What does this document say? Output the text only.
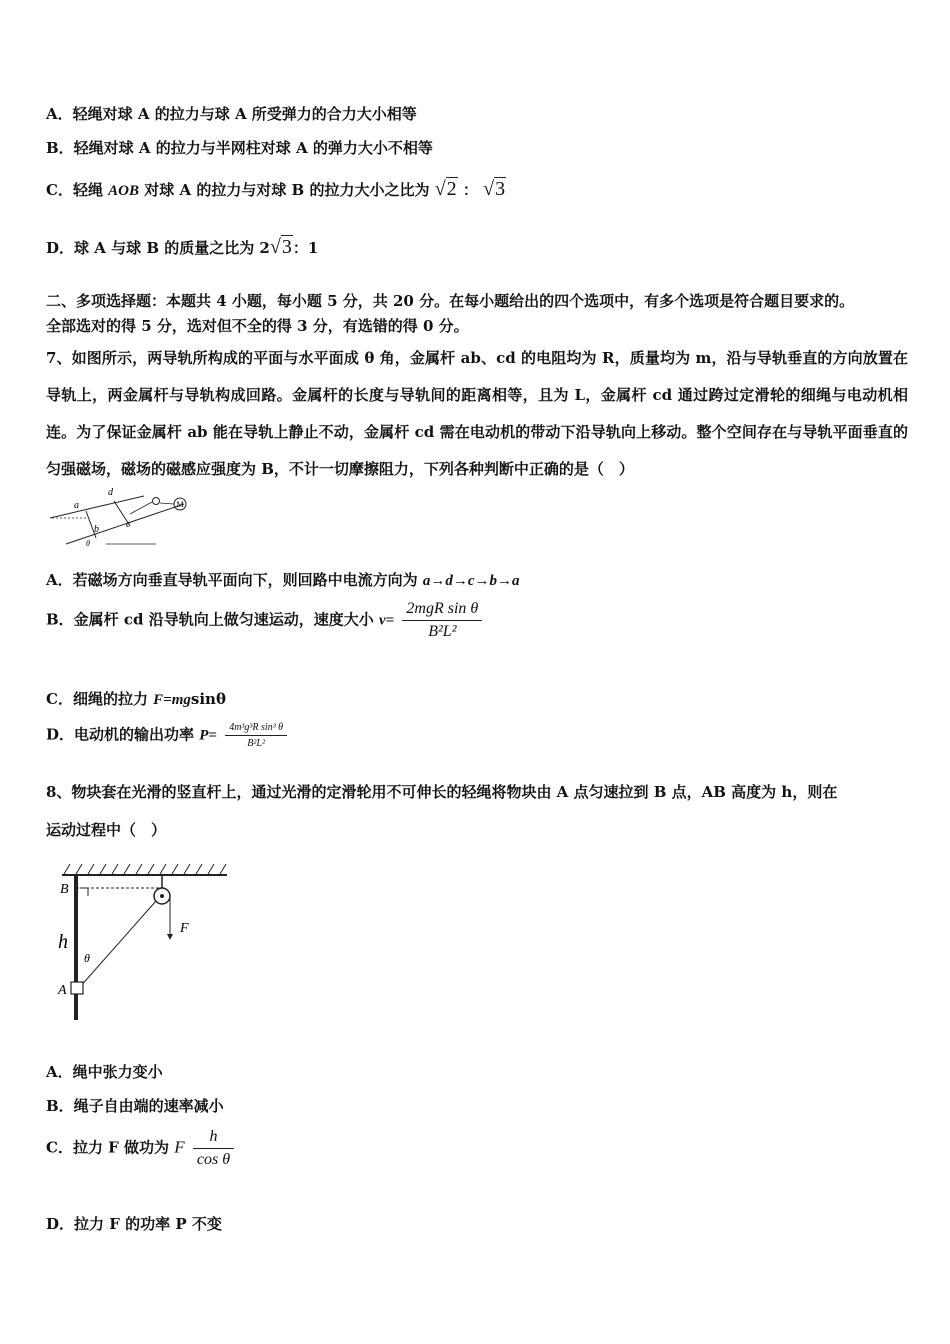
A．轻绳对球 A 的拉力与球 A 所受弹力的合力大小相等
B．轻绳对球 A 的拉力与半网柱对球 A 的弹力大小不相等
C．轻绳 AOB 对球 A 的拉力与对球 B 的拉力大小之比为 √2 ： √3
D．球 A 与球 B 的质量之比为 2√3：1
二、多项选择题：本题共 4 小题，每小题 5 分，共 20 分。在每小题给出的四个选项中，有多个选项是符合题目要求的。
全部选对的得 5 分，选对但不全的得 3 分，有选错的得 0 分。
7、如图所示，两导轨所构成的平面与水平面成 θ 角，金属杆 ab、cd 的电阻均为 R，质量均为 m，沿与导轨垂直的方向放置在导轨上，两金属杆与导轨构成回路。金属杆的长度与导轨间的距离相等，且为 L，金属杆 cd 通过跨过定滑轮的细绳与电动机相连。为了保证金属杆 ab 能在导轨上静止不动，金属杆 cd 需在电动机的带动下沿导轨向上移动。整个空间存在与导轨平面垂直的匀强磁场，磁场的磁感应强度为 B，不计一切摩擦阻力，下列各种判断中正确的是（　）
M
a
d
b	c
θ
A．若磁场方向垂直导轨平面向下，则回路中电流方向为 a→d→c→b→a
B．金属杆 cd 沿导轨向上做匀速运动，速度大小 $v= \frac{\text{2mgR sin θ}}{\text{B²L²}}$
C．细绳的拉力 F=mgsinθ
D．电动机的输出功率 $P= \frac{\text{4m³g³R sin³ θ}}{\text{B²L²}}$
8、物块套在光滑的竖直杆上，通过光滑的定滑轮用不可伸长的轻绳将物块由 A 点匀速拉到 B 点，AB 高度为 h，则在
运动过程中（　）
B
h
θ
A
F
A．绳中张力变小
B．绳子自由端的速率减小
C．拉力 F 做功为 F $\frac{h}{\text{cos θ}}$
D．拉力 F 的功率 P 不变
